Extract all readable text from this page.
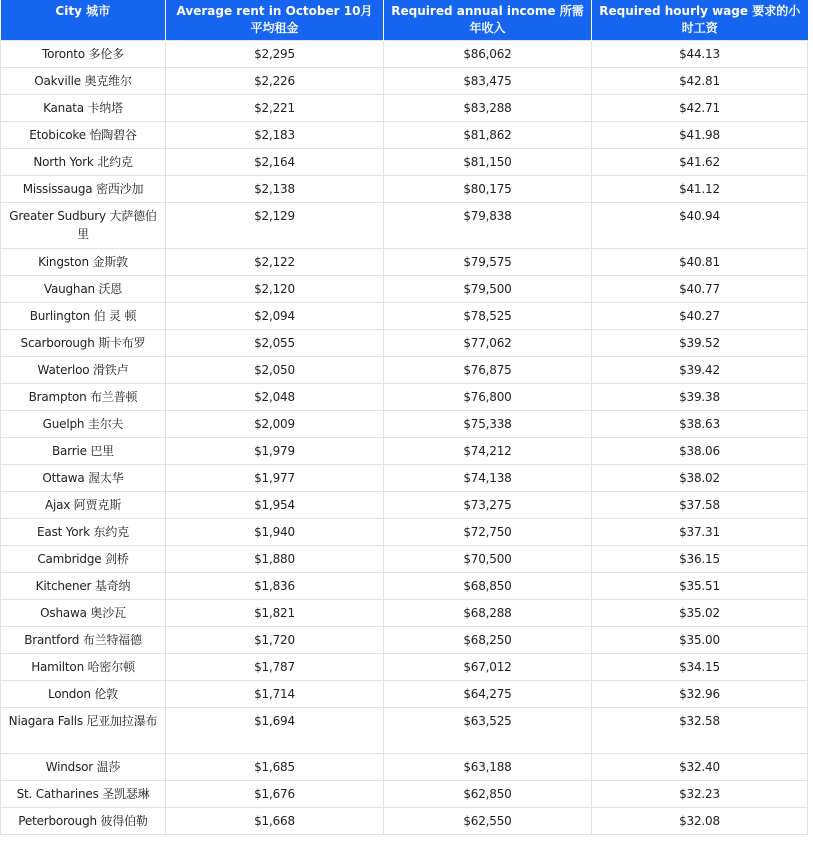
City 城市	Average rent in October 10月平均租金	Required annual income 所需年收入	Required hourly wage 要求的小时工资
Toronto 多伦多	$2,295	$86,062	$44.13
Oakville 奥克维尔	$2,226	$83,475	$42.81
Kanata 卡纳塔	$2,221	$83,288	$42.71
Etobicoke 怡陶碧谷	$2,183	$81,862	$41.98
North York 北约克	$2,164	$81,150	$41.62
Mississauga 密西沙加	$2,138	$80,175	$41.12
Greater Sudbury 大萨德伯里	$2,129	$79,838	$40.94
Kingston 金斯敦	$2,122	$79,575	$40.81
Vaughan 沃恩	$2,120	$79,500	$40.77
Burlington 伯 灵 顿	$2,094	$78,525	$40.27
Scarborough 斯卡布罗	$2,055	$77,062	$39.52
Waterloo 滑铁卢	$2,050	$76,875	$39.42
Brampton 布兰普顿	$2,048	$76,800	$39.38
Guelph 圭尔夫	$2,009	$75,338	$38.63
Barrie 巴里	$1,979	$74,212	$38.06
Ottawa 渥太华	$1,977	$74,138	$38.02
Ajax 阿贾克斯	$1,954	$73,275	$37.58
East York 东约克	$1,940	$72,750	$37.31
Cambridge 剑桥	$1,880	$70,500	$36.15
Kitchener 基奇纳	$1,836	$68,850	$35.51
Oshawa 奥沙瓦	$1,821	$68,288	$35.02
Brantford 布兰特福德	$1,720	$68,250	$35.00
Hamilton 哈密尔顿	$1,787	$67,012	$34.15
London 伦敦	$1,714	$64,275	$32.96
Niagara Falls 尼亚加拉瀑布	$1,694	$63,525	$32.58
Windsor 温莎	$1,685	$63,188	$32.40
St. Catharines 圣凯瑟琳	$1,676	$62,850	$32.23
Peterborough 彼得伯勒	$1,668	$62,550	$32.08
